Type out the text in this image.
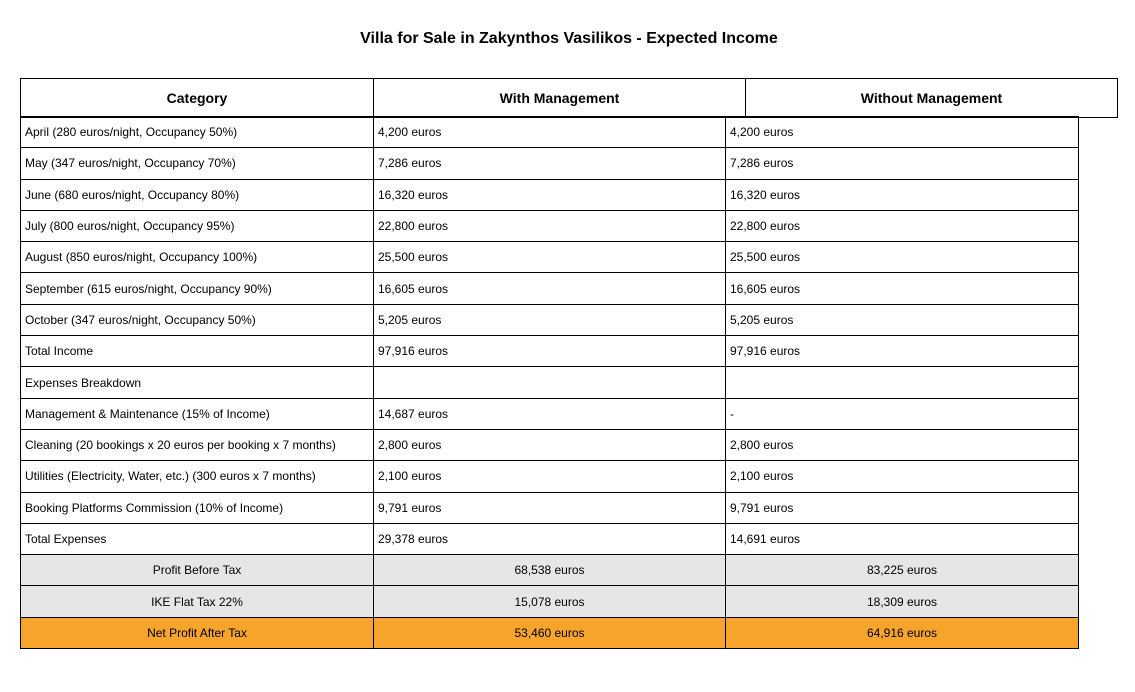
Villa for Sale in Zakynthos Vasilikos - Expected Income
Category	With Management	Without Management
April (280 euros/night, Occupancy 50%)	4,200 euros	4,200 euros
May (347 euros/night, Occupancy 70%)	7,286 euros	7,286 euros
June (680 euros/night, Occupancy 80%)	16,320 euros	16,320 euros
July (800 euros/night, Occupancy 95%)	22,800 euros	22,800 euros
August (850 euros/night, Occupancy 100%)	25,500 euros	25,500 euros
September (615 euros/night, Occupancy 90%)	16,605 euros	16,605 euros
October (347 euros/night, Occupancy 50%)	5,205 euros	5,205 euros
Total Income	97,916 euros	97,916 euros
Expenses Breakdown
Management & Maintenance (15% of Income)	14,687 euros	-
Cleaning (20 bookings x 20 euros per booking x 7 months)	2,800 euros	2,800 euros
Utilities (Electricity, Water, etc.) (300 euros x 7 months)	2,100 euros	2,100 euros
Booking Platforms Commission (10% of Income)	9,791 euros	9,791 euros
Total Expenses	29,378 euros	14,691 euros
Profit Before Tax	68,538 euros	83,225 euros
IKE Flat Tax 22%	15,078 euros	18,309 euros
Net Profit After Tax	53,460 euros	64,916 euros
